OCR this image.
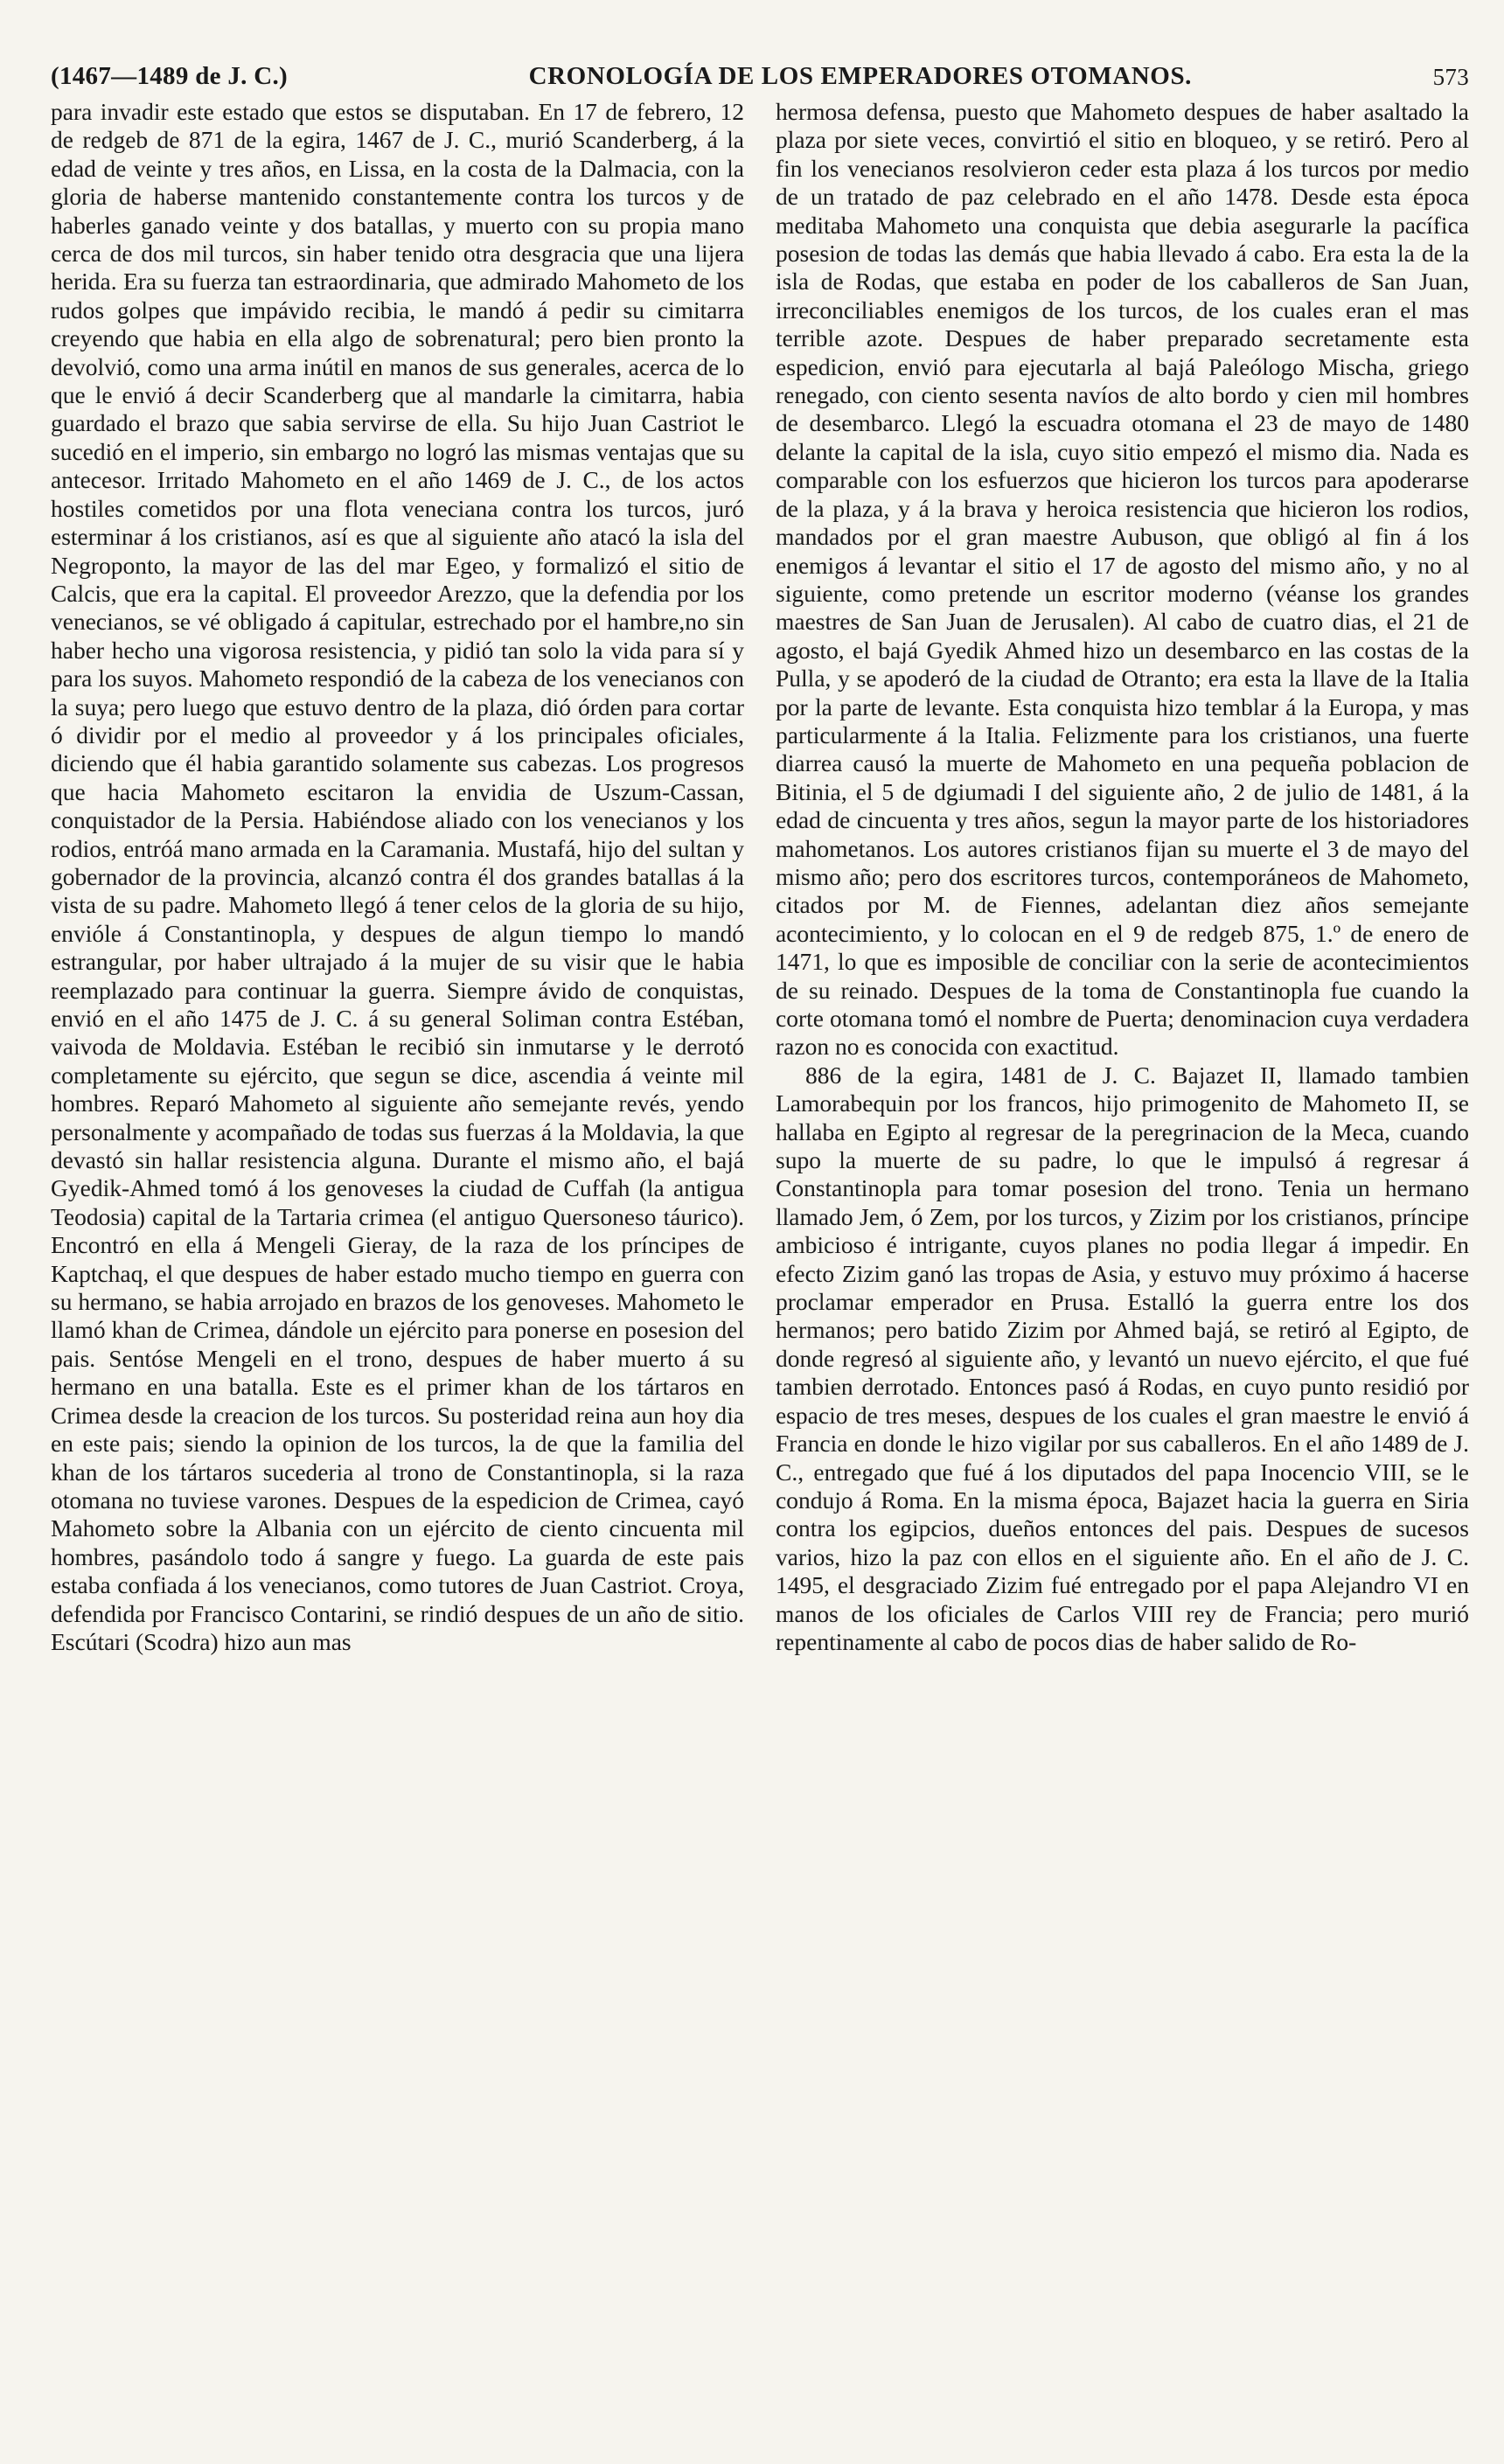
(1467—1489 de J. C.)	CRONOLOGÍA DE LOS EMPERADORES OTOMANOS.	573

para invadir este estado que estos se disputaban. En 17 de febrero, 12 de redgeb de 871 de la egira, 1467 de J. C., murió Scanderberg, á la edad de veinte y tres años, en Lissa, en la costa de la Dalmacia, con la gloria de haberse mantenido constantemente contra los turcos y de haberles ganado veinte y dos batallas, y muerto con su propia mano cerca de dos mil turcos, sin haber tenido otra desgracia que una lijera herida. Era su fuerza tan estraordinaria, que admirado Mahometo de los rudos golpes que impávido recibia, le mandó á pedir su cimitarra creyendo que habia en ella algo de sobrenatural; pero bien pronto la devolvió, como una arma inútil en manos de sus generales, acerca de lo que le envió á decir Scanderberg que al mandarle la cimitarra, habia guardado el brazo que sabia servirse de ella. Su hijo Juan Castriot le sucedió en el imperio, sin embargo no logró las mismas ventajas que su antecesor. Irritado Mahometo en el año 1469 de J. C., de los actos hostiles cometidos por una flota veneciana contra los turcos, juró esterminar á los cristianos, así es que al siguiente año atacó la isla del Negroponto, la mayor de las del mar Egeo, y formalizó el sitio de Calcis, que era la capital. El proveedor Arezzo, que la defendia por los venecianos, se vé obligado á capitular, estrechado por el hambre,no sin haber hecho una vigorosa resistencia, y pidió tan solo la vida para sí y para los suyos. Mahometo respondió de la cabeza de los venecianos con la suya; pero luego que estuvo dentro de la plaza, dió órden para cortar ó dividir por el medio al proveedor y á los principales oficiales, diciendo que él habia garantido solamente sus cabezas. Los progresos que hacia Mahometo escitaron la envidia de Uszum-Cassan, conquistador de la Persia. Habiéndose aliado con los venecianos y los rodios, entróá mano armada en la Caramania. Mustafá, hijo del sultan y gobernador de la provincia, alcanzó contra él dos grandes batallas á la vista de su padre. Mahometo llegó á tener celos de la gloria de su hijo, envióle á Constantinopla, y despues de algun tiempo lo mandó estrangular, por haber ultrajado á la mujer de su visir que le habia reemplazado para continuar la guerra. Siempre ávido de conquistas, envió en el año 1475 de J. C. á su general Soliman contra Estéban, vaivoda de Moldavia. Estéban le recibió sin inmutarse y le derrotó completamente su ejército, que segun se dice, ascendia á veinte mil hombres. Reparó Mahometo al siguiente año semejante revés, yendo personalmente y acompañado de todas sus fuerzas á la Moldavia, la que devastó sin hallar resistencia alguna. Durante el mismo año, el bajá Gyedik-Ahmed tomó á los genoveses la ciudad de Cuffah (la antigua Teodosia) capital de la Tartaria crimea (el antiguo Quersoneso táurico). Encontró en ella á Mengeli Gieray, de la raza de los príncipes de Kaptchaq, el que despues de haber estado mucho tiempo en guerra con su hermano, se habia arrojado en brazos de los genoveses. Mahometo le llamó khan de Crimea, dándole un ejército para ponerse en posesion del pais. Sentóse Mengeli en el trono, despues de haber muerto á su hermano en una batalla. Este es el primer khan de los tártaros en Crimea desde la creacion de los turcos. Su posteridad reina aun hoy dia en este pais; siendo la opinion de los turcos, la de que la familia del khan de los tártaros sucederia al trono de Constantinopla, si la raza otomana no tuviese varones. Despues de la espedicion de Crimea, cayó Mahometo sobre la Albania con un ejército de ciento cincuenta mil hombres, pasándolo todo á sangre y fuego. La guarda de este pais estaba confiada á los venecianos, como tutores de Juan Castriot. Croya, defendida por Francisco Contarini, se rindió despues de un año de sitio. Escútari (Scodra) hizo aun mas

hermosa defensa, puesto que Mahometo despues de haber asaltado la plaza por siete veces, convirtió el sitio en bloqueo, y se retiró. Pero al fin los venecianos resolvieron ceder esta plaza á los turcos por medio de un tratado de paz celebrado en el año 1478. Desde esta época meditaba Mahometo una conquista que debia asegurarle la pacífica posesion de todas las demás que habia llevado á cabo. Era esta la de la isla de Rodas, que estaba en poder de los caballeros de San Juan, irreconciliables enemigos de los turcos, de los cuales eran el mas terrible azote. Despues de haber preparado secretamente esta espedicion, envió para ejecutarla al bajá Paleólogo Mischa, griego renegado, con ciento sesenta navíos de alto bordo y cien mil hombres de desembarco. Llegó la escuadra otomana el 23 de mayo de 1480 delante la capital de la isla, cuyo sitio empezó el mismo dia. Nada es comparable con los esfuerzos que hicieron los turcos para apoderarse de la plaza, y á la brava y heroica resistencia que hicieron los rodios, mandados por el gran maestre Aubuson, que obligó al fin á los enemigos á levantar el sitio el 17 de agosto del mismo año, y no al siguiente, como pretende un escritor moderno (véanse los grandes maestres de San Juan de Jerusalen). Al cabo de cuatro dias, el 21 de agosto, el bajá Gyedik Ahmed hizo un desembarco en las costas de la Pulla, y se apoderó de la ciudad de Otranto; era esta la llave de la Italia por la parte de levante. Esta conquista hizo temblar á la Europa, y mas particularmente á la Italia. Felizmente para los cristianos, una fuerte diarrea causó la muerte de Mahometo en una pequeña poblacion de Bitinia, el 5 de dgiumadi I del siguiente año, 2 de julio de 1481, á la edad de cincuenta y tres años, segun la mayor parte de los historiadores mahometanos. Los autores cristianos fijan su muerte el 3 de mayo del mismo año; pero dos escritores turcos, contemporáneos de Mahometo, citados por M. de Fiennes, adelantan diez años semejante acontecimiento, y lo colocan en el 9 de redgeb 875, 1.º de enero de 1471, lo que es imposible de conciliar con la serie de acontecimientos de su reinado. Despues de la toma de Constantinopla fue cuando la corte otomana tomó el nombre de Puerta; denominacion cuya verdadera razon no es conocida con exactitud.

886 de la egira, 1481 de J. C. Bajazet II, llamado tambien Lamorabequin por los francos, hijo primogenito de Mahometo II, se hallaba en Egipto al regresar de la peregrinacion de la Meca, cuando supo la muerte de su padre, lo que le impulsó á regresar á Constantinopla para tomar posesion del trono. Tenia un hermano llamado Jem, ó Zem, por los turcos, y Zizim por los cristianos, príncipe ambicioso é intrigante, cuyos planes no podia llegar á impedir. En efecto Zizim ganó las tropas de Asia, y estuvo muy próximo á hacerse proclamar emperador en Prusa. Estalló la guerra entre los dos hermanos; pero batido Zizim por Ahmed bajá, se retiró al Egipto, de donde regresó al siguiente año, y levantó un nuevo ejército, el que fué tambien derrotado. Entonces pasó á Rodas, en cuyo punto residió por espacio de tres meses, despues de los cuales el gran maestre le envió á Francia en donde le hizo vigilar por sus caballeros. En el año 1489 de J. C., entregado que fué á los diputados del papa Inocencio VIII, se le condujo á Roma. En la misma época, Bajazet hacia la guerra en Siria contra los egipcios, dueños entonces del pais. Despues de sucesos varios, hizo la paz con ellos en el siguiente año. En el año de J. C. 1495, el desgraciado Zizim fué entregado por el papa Alejandro VI en manos de los oficiales de Carlos VIII rey de Francia; pero murió repentinamente al cabo de pocos dias de haber salido de Ro-
